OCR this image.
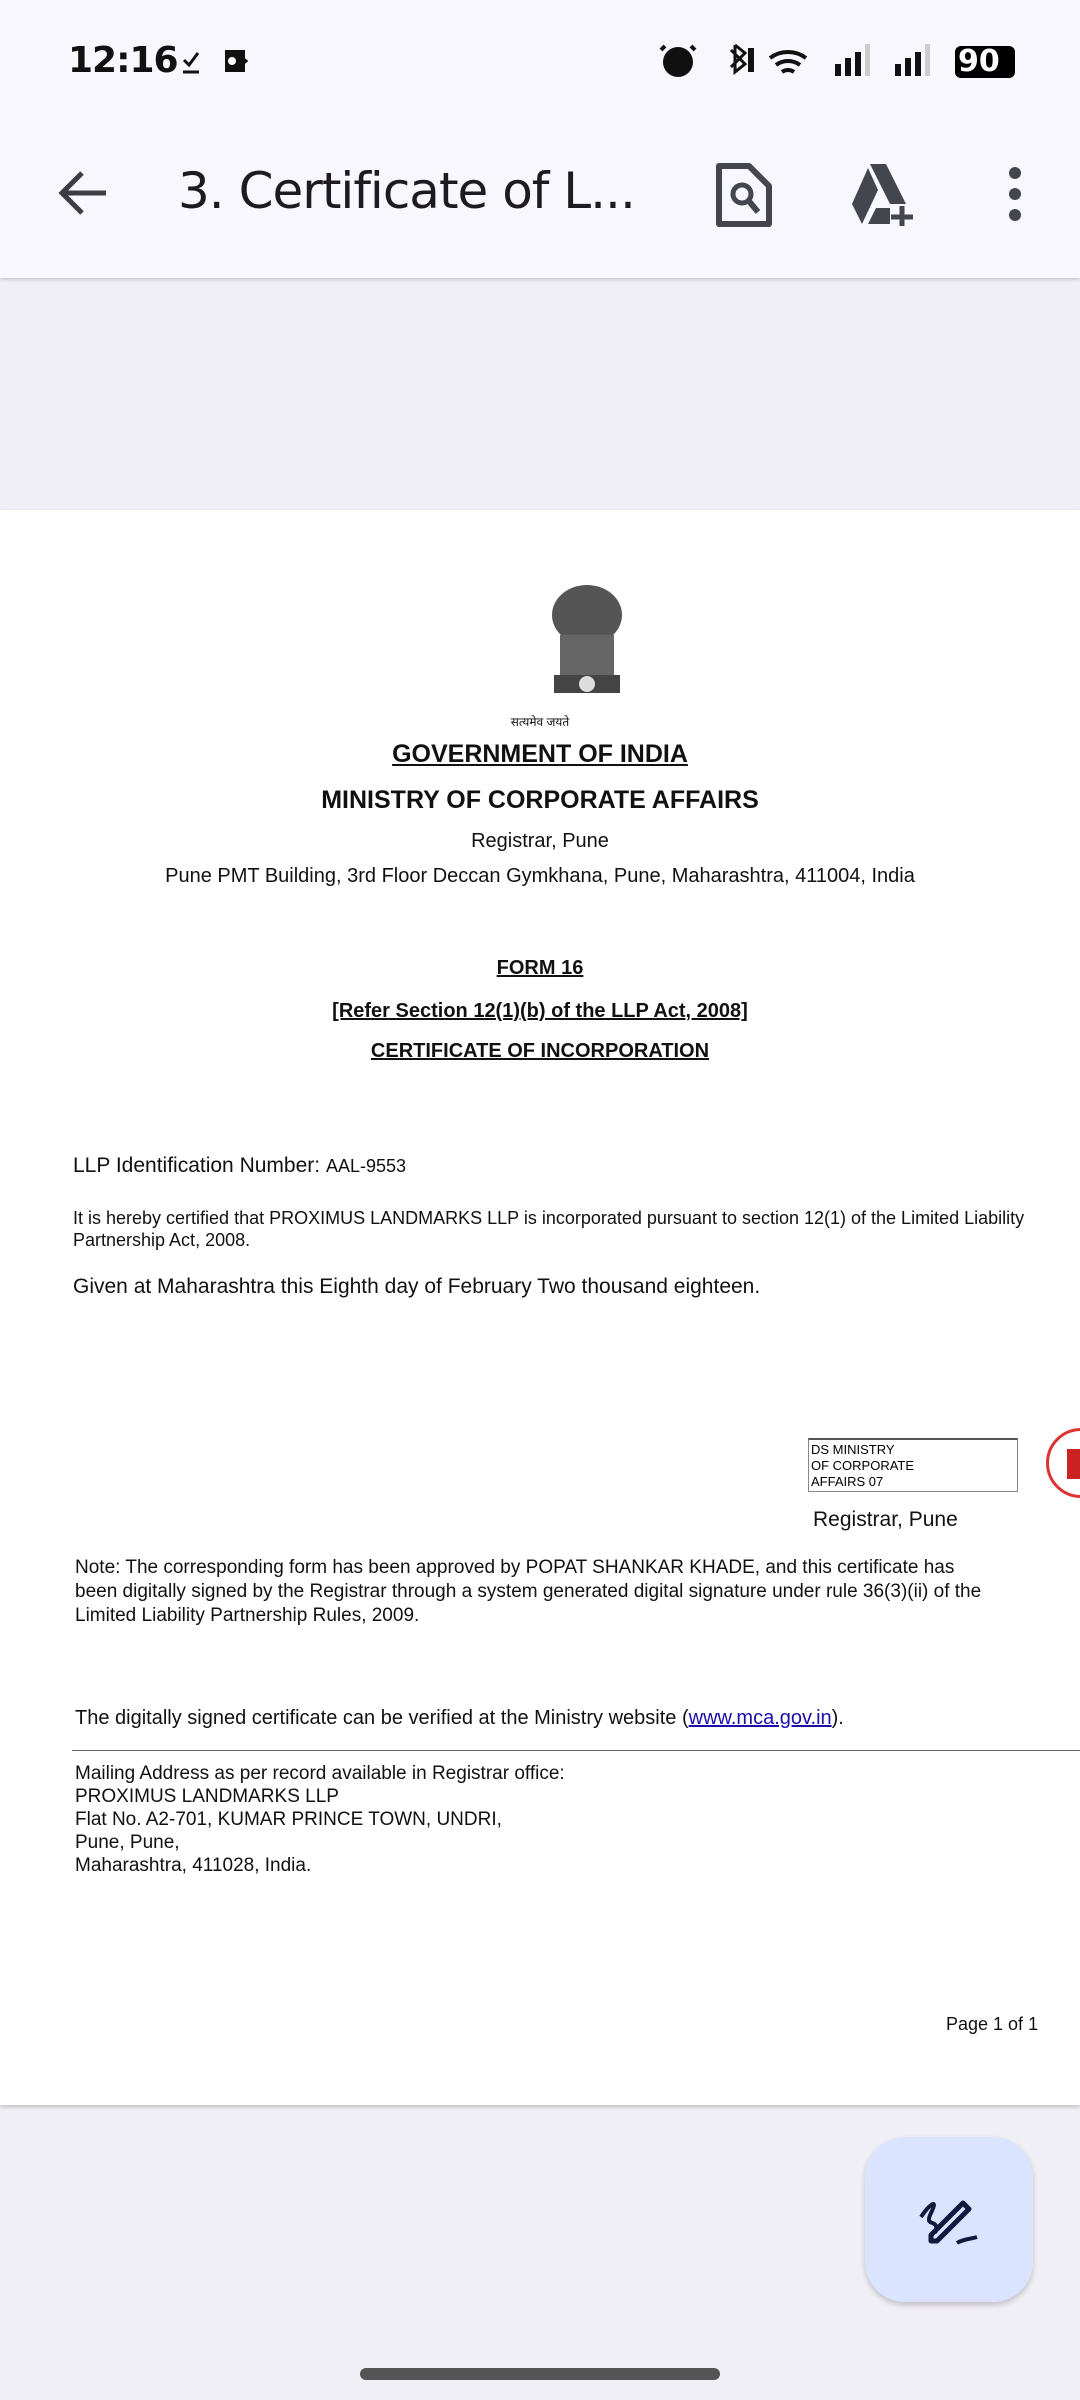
12:16	90
3. Certificate of L...
सत्यमेव जयते
GOVERNMENT OF INDIA
MINISTRY OF CORPORATE AFFAIRS
Registrar, Pune
Pune PMT Building, 3rd Floor Deccan Gymkhana, Pune, Maharashtra, 411004, India
FORM 16
[Refer Section 12(1)(b) of the LLP Act, 2008]
CERTIFICATE OF INCORPORATION
LLP Identification Number: AAL-9553
It is hereby certified that PROXIMUS LANDMARKS LLP is incorporated pursuant to section 12(1) of the Limited Liability
Partnership Act, 2008.
Given at Maharashtra this Eighth day of February Two thousand eighteen.
DS MINISTRY
OF CORPORATE
AFFAIRS 07
Registrar, Pune
Note: The corresponding form has been approved by POPAT SHANKAR KHADE, and this certificate has
been digitally signed by the Registrar through a system generated digital signature under rule 36(3)(ii) of the
Limited Liability Partnership Rules, 2009.
The digitally signed certificate can be verified at the Ministry website (www.mca.gov.in).
Mailing Address as per record available in Registrar office:
PROXIMUS LANDMARKS LLP
Flat No. A2-701, KUMAR PRINCE TOWN, UNDRI,
Pune, Pune,
Maharashtra, 411028, India.
Page 1 of 1
